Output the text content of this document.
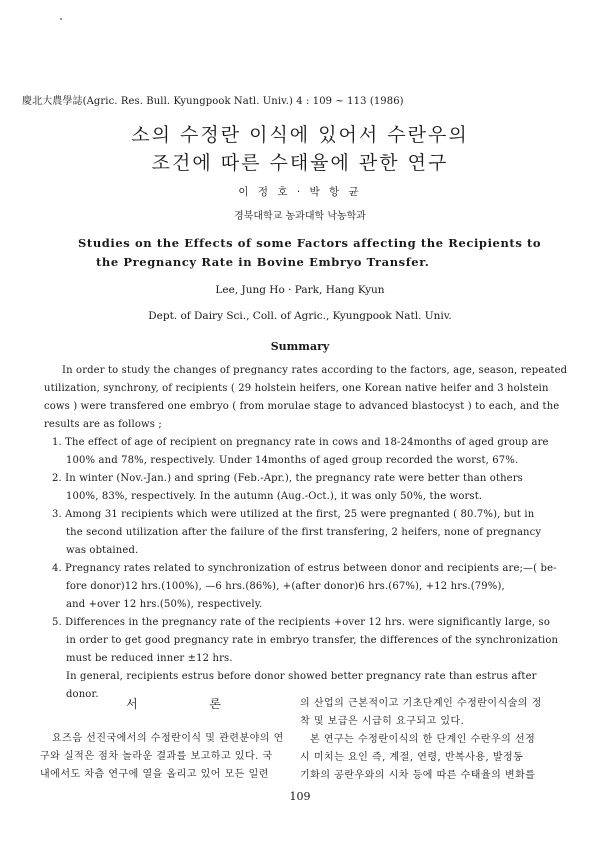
慶北大農學誌(Agric. Res. Bull. Kyungpook Natl. Univ.) 4 : 109 ~ 113 (1986)
소의 수정란 이식에 있어서 수란우의
조건에 따른 수태율에 관한 연구
이 정 호 · 박 항 균
경북대학교 농과대학 낙농학과
Studies on the Effects of some Factors affecting the Recipients to
the Pregnancy Rate in Bovine Embryo Transfer.
Lee, Jung Ho · Park, Hang Kyun
Dept. of Dairy Sci., Coll. of Agric., Kyungpook Natl. Univ.
Summary
In order to study the changes of pregnancy rates according to the factors, age, season, repeated
utilization, synchrony, of recipients ( 29 holstein heifers, one Korean native heifer and 3 holstein
cows ) were transfered one embryo ( from morulae stage to advanced blastocyst ) to each, and the
results are as follows ;
1. The effect of age of recipient on pregnancy rate in cows and 18-24months of aged group are
100% and 78%, respectively. Under 14months of aged group recorded the worst, 67%.
2. In winter (Nov.-Jan.) and spring (Feb.-Apr.), the pregnancy rate were better than others
100%, 83%, respectively. In the autumn (Aug.-Oct.), it was only 50%, the worst.
3. Among 31 recipients which were utilized at the first, 25 were pregnanted ( 80.7%), but in
the second utilization after the failure of the first transfering, 2 heifers, none of pregnancy
was obtained.
4. Pregnancy rates related to synchronization of estrus between donor and recipients are;—( be-
fore donor)12 hrs.(100%), —6 hrs.(86%), +(after donor)6 hrs.(67%), +12 hrs.(79%),
and +over 12 hrs.(50%), respectively.
5. Differences in the pregnancy rate of the recipients +over 12 hrs. were significantly large, so
in order to get good pregnancy rate in embryo transfer, the differences of the synchronization
must be reduced inner ±12 hrs.
In general, recipients estrus before donor showed better pregnancy rate than estrus after
donor.
서 론
요즈음 선진국에서의 수정란이식 및 관련분야의 연
구와 실적은 점차 놀라운 결과를 보고하고 있다. 국
내에서도 차츰 연구에 열을 올리고 있어 모든 일련
의 산업의 근본적이고 기초단계인 수정란이식술의 정
착 및 보급은 시급히 요구되고 있다.
본 연구는 수정란이식의 한 단계인 수란우의 선정
시 미치는 요인 즉, 계절, 연령, 반복사용, 발정동
기화의 공란우와의 시차 등에 따른 수태율의 변화를
109
